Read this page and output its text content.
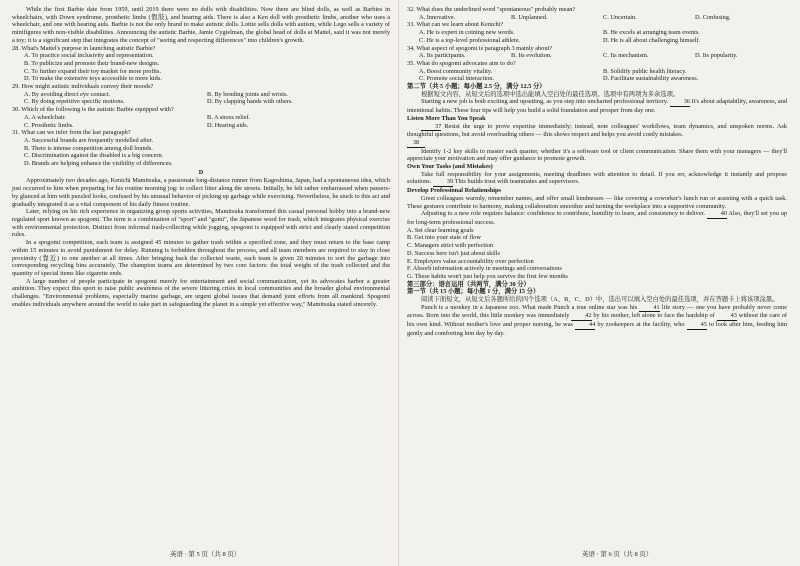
While the first Barbie date from 1959, until 2019 there were no dolls with disabilities. Now there are blind dolls, as well as Barbies in wheelchairs, with Down syndrome, prosthetic limbs (假肢), and hearing aids. There is also a Ken doll with prosthetic limbs, another who uses a wheelchair, and one with hearing aids. Barbie is not the only brand to make autistic dolls. Lottie sells dolls with autism, while Lego sells a variety of minifigures with non-visible disabilities. Announcing the autistic Barbie, Jamie Cygielman, the global head of dolls at Mattel, said it was not merely a toy; it is a significant step that integrates the concept of "seeing and respecting differences" into children's growth.

28. What's Mattel's purpose in launching autistic Barbie?

A. To practice social inclusivity and representation.

B. To publicize and promote their brand-new designs.

C. To further expand their toy market for more profits.

D. To make the extensive toys accessible to more kids.

29. How might autistic individuals convey their moods?

A. By avoiding direct eye contact.	B. By bending joints and wrists.
C. By doing repetitive specific motions.	D. By clapping hands with others.

30. Which of the following is the autistic Barbie equipped with?

A. A wheelchair.	B. A stress relief.
C. Prosthetic limbs.	D. Hearing aids.

31. What can we infer from the last paragraph?

A. Successful brands are frequently modelled after.

B. There is intense competition among doll brands.

C. Discrimination against the disabled is a big concern.

D. Brands are helping enhance the visibility of differences.

D

Approximately two decades ago, Kenichi Mamitsuka, a passionate long-distance runner from Kagoshima, Japan, had a spontaneous idea, which just occurred to him when preparing for his routine morning jog: to collect litter along the streets. Initially, he felt rather embarrassed when passers-by glanced at him with puzzled looks, confused by his unusual behavior of picking up garbage while exercising. Nevertheless, he stuck to this act and gradually integrated it as a vital component of his daily fitness routine.

Later, relying on his rich experience in organizing group sports activities, Mamitsuka transformed this casual personal hobby into a brand-new regulated sport known as spogomi. The term is a combination of "sport" and "gomi", the Japanese word for trash, which integrates physical exercise with environmental protection. Distinct from informal trash-collecting while jogging, spogomi is equipped with strict and clearly stated competition rules.

In a spogomi competition, each team is assigned 45 minutes to gather trash within a specified zone, and they must return to the base camp within 15 minutes to avoid punishment for delay. Running is forbidden throughout the process, and all team members are required to stay in close proximity (靠近) to one another at all times. After bringing back the collected waste, each team is given 20 minutes to sort the garbage into corresponding recycling bins accurately. The champion teams are determined by two core factors: the total weight of the trash collected and the quantity of special items like cigarette ends.

A large number of people participate in spogomi merely for entertainment and social communication, yet its advocates harbor a greater ambition. They expect this sport to raise public awareness of the severe littering crisis in local communities and the broader global environmental challenges. "Environmental problems, especially marine garbage, are urgent global issues that demand joint efforts from all mankind. Spogomi enables individuals anywhere around the world to take part in safeguarding the planet in a simple yet effective way," Mamitsuka stated sincerely.

英语 · 第 5 页（共 8 页）

32. What does the underlined word "spontaneous" probably mean?

A. Innovative.	B. Unplanned.	C. Uncertain.	D. Confusing.

33. What can we learn about Kenichi?

A. He is expert in coining new words.	B. He excels at arranging team events.
C. He is a top-level professional athlete.	D. He is all about challenging himself.

34. What aspect of spogomi is paragraph 3 mainly about?

A. Its participants.	B. Its evolution.	C. Its mechanism.	D. Its popularity.

35. What do spogomi advocates aim to do?

A. Boost community vitality.	B. Solidify public health literacy.
C. Promote social interaction.	D. Facilitate sustainability awareness.

第二节（共 5 小题；每小题 2.5 分，满分 12.5 分）

根据短文内容，从短文后的选项中选出能填入空白处的最佳选项。选项中有两项为多余选项。

Starting a new job is both exciting and upsetting, as you step into uncharted professional territory. 36 It's about adaptability, awareness, and intentional habits. These four tips will help you build a solid foundation and prosper from day one.

Listen More Than You Speak

37 Resist the urge to prove expertise immediately; instead, note colleagues' workflows, team dynamics, and unspoken norms. Ask thoughtful questions, but avoid overloading others — this shows respect and helps you avoid costly mistakes.

38

Identify 1-2 key skills to master each quarter, whether it's a software tool or client communication. Share them with your managers — they'll appreciate your motivation and may offer guidance to promote growth.

Own Your Tasks (and Mistakes)

Take full responsibility for your assignments, meeting deadlines with attention to detail. If you err, acknowledge it instantly and propose solutions. 39 This builds trust with teammates and supervisors.

Develop Professional Relationships

Greet colleagues warmly, remember names, and offer small kindnesses — like covering a coworker's lunch run or assisting with a quick task. These gestures contribute to harmony, making collaboration smoother and turning the workplace into a supportive community.

Adjusting to a new role requires balance: confidence to contribute, humility to learn, and consistency to deliver.	40 Also, they'll set you up for long-term professional success.

A. Set clear learning goals

B. Get into your state of flow

C. Managers strict with perfection

D. Success here isn't just about skills

E. Employers value accountability over perfection

F. Absorb information actively in meetings and conversations

G. These habits won't just help you survive the first few months

第三部分：语言运用（共两节，满分 30 分）

第一节（共 15 小题；每小题 1 分，满分 15 分）

阅读下面短文，从短文后各题所给的四个选项（A、B、C、D）中，选出可以填入空白处的最佳选项，并在答题卡上将该项涂黑。

Punch is a monkey in a Japanese zoo. What made Punch a true online star was his	41 life story — one you have probably never come across. Born into the world, this little monkey was immediately	42 by his mother, left alone to face the hardship of	43 without the care of his own kind. Without mother's love and proper nursing, he was	44 by zookeepers at the facility, who	45 to look after him, feeding him gently and comforting him day by day.

英语 · 第 6 页（共 8 页）
